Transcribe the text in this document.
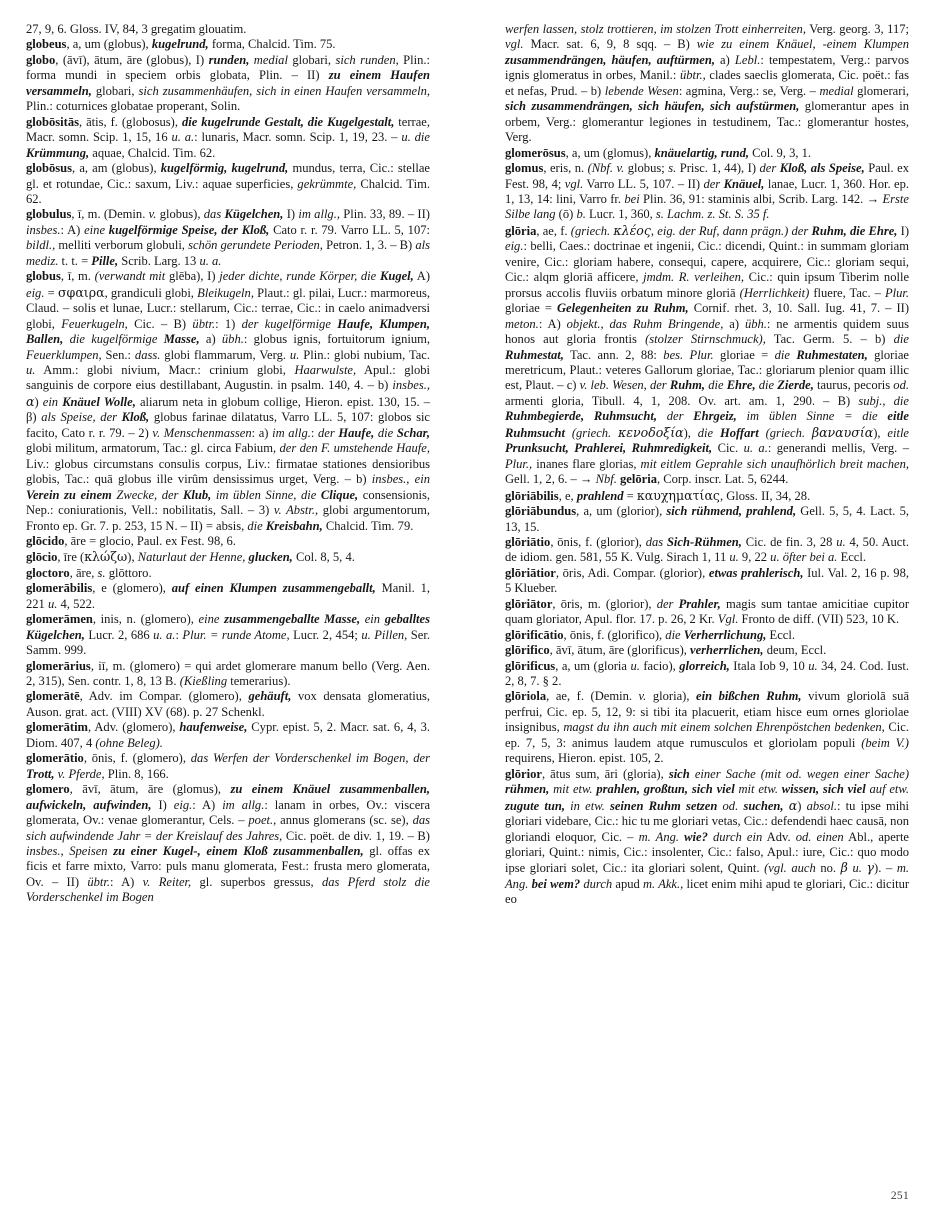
27, 9, 6. Gloss. IV, 84, 3 gregatim glouatim.

globeus, a, um (globus), kugelrund, forma, Chalcid. Tim. 75.

globo, (āvī), ātum, āre (globus), I) runden, medial globari, sich runden, Plin.: forma mundi in speciem orbis globata, Plin. – II) zu einem Haufen versammeln, globari, sich zusammenhäufen, sich in einen Haufen versammeln, Plin.: coturnices globatae properant, Solin.

globōsitās, ātis, f. (globosus), die kugelrunde Gestalt, die Kugelgestalt, terrae, Macr. somn. Scip. 1, 15, 16 u. a.: lunaris, Macr. somn. Scip. 1, 19, 23. – u. die Krümmung, aquae, Chalcid. Tim. 62.

globōsus, a, am (globus), kugelförmig, kugelrund, mundus, terra, Cic.: stellae gl. et rotundae, Cic.: saxum, Liv.: aquae superficies, gekrümmte, Chalcid. Tim. 62.

globulus, ī, m. (Demin. v. globus), das Kügelchen, I) im allg., Plin. 33, 89. – II) insbes.: A) eine kugelförmige Speise, der Kloß, Cato r. r. 79. Varro LL. 5, 107: bildl., melliti verborum globuli, schön gerundete Perioden, Petron. 1, 3. – B) als mediz. t. t. = Pille, Scrib. Larg. 13 u. a.

globus, ī, m. (verwandt mit glēba), I) jeder dichte, runde Körper, die Kugel, A) eig. = σφαιρα, grandiculi globi, Bleikugeln, Plaut.: gl. pilai, Lucr.: marmoreus, Claud. – solis et lunae, Lucr.: stellarum, Cic.: terrae, Cic.: in caelo animadversi globi, Feuerkugeln, Cic. – B) übtr.: 1) der kugelförmige Haufe, Klumpen, Ballen, die kugelförmige Masse, a) übh.: globus ignis, fortuitorum ignium, Feuerklumpen, Sen.: dass. globi flammarum, Verg. u. Plin.: globi nubium, Tac. u. Amm.: globi nivium, Macr.: crinium globi, Haarwulste, Apul.: globi sanguinis de corpore eius destillabant, Augustin. in psalm. 140, 4. – b) insbes., α) ein Knäuel Wolle, aliarum neta in globum collige, Hieron. epist. 130, 15. – β) als Speise, der Kloß, globus farinae dilatatus, Varro LL. 5, 107: globos sic facito, Cato r. r. 79. – 2) v. Menschenmassen: a) im allg.: der Haufe, die Schar, globi militum, armatorum, Tac.: gl. circa Fabium, der den F. umstehende Haufe, Liv.: globus circumstans consulis corpus, Liv.: firmatae stationes densioribus globis, Tac.: quā globus ille virûm densissimus urget, Verg. – b) insbes., ein Verein zu einem Zwecke, der Klub, im üblen Sinne, die Clique, consensionis, Nep.: coniurationis, Vell.: nobilitatis, Sall. – 3) v. Abstr., globi argumentorum, Fronto ep. Gr. 7. p. 253, 15 N. – II) = absis, die Kreisbahn, Chalcid. Tim. 79.

glōcido, āre = glocio, Paul. ex Fest. 98, 6.

glōcio, īre (κλώζω), Naturlaut der Henne, glucken, Col. 8, 5, 4.

gloctoro, āre, s. glōttoro.

glomerābilis, e (glomero), auf einen Klumpen zusammengeballt, Manil. 1, 221 u. 4, 522.

glomerāmen, inis, n. (glomero), eine zusammengeballte Masse, ein geballtes Kügelchen, Lucr. 2, 686 u. a.: Plur. = runde Atome, Lucr. 2, 454; u. Pillen, Ser. Samm. 999.

glomerārius, iī, m. (glomero) = qui ardet glomerare manum bello (Verg. Aen. 2, 315), Sen. contr. 1, 8, 13 B. (Kießling temerarius).

glomerātē, Adv. im Compar. (glomero), gehäuft, vox densata glomeratius, Auson. grat. act. (VIII) XV (68). p. 27 Schenkl.

glomerātim, Adv. (glomero), haufenweise, Cypr. epist. 5, 2. Macr. sat. 6, 4, 3. Diom. 407, 4 (ohne Beleg).

glomerātio, ōnis, f. (glomero), das Werfen der Vorderschenkel im Bogen, der Trott, v. Pferde, Plin. 8, 166.

glomero, āvī, ātum, āre (glomus), zu einem Knäuel zusammenballen, aufwickeln, aufwinden, I) eig.: A) im allg.: lanam in orbes, Ov.: viscera glomerata, Ov.: venae glomerantur, Cels. – poet., annus glomerans (sc. se), das sich aufwindende Jahr = der Kreislauf des Jahres, Cic. poët. de div. 1, 19. – B) insbes., Speisen zu einer Kugel-, einem Kloß zusammenballen, gl. offas ex ficis et farre mixto, Varro: puls manu glomerata, Fest.: frusta mero glomerata, Ov. – II) übtr.: A) v. Reiter, gl. superbos gressus, das Pferd stolz die Vorderschenkel im Bogen

werfen lassen, stolz trottieren, im stolzen Trott einherreiten, Verg. georg. 3, 117; vgl. Macr. sat. 6, 9, 8 sqq. – B) wie zu einem Knäuel, -einem Klumpen zusammendrängen, häufen, auftürmen, a) Lebl.: tempestatem, Verg.: parvos ignis glomeratus in orbes, Manil.: übtr., clades saeclis glomerata, Cic. poët.: fas et nefas, Prud. – b) lebende Wesen: agmina, Verg.: se, Verg. – medial glomerari, sich zusammendrängen, sich häufen, sich aufstürmen, glomerantur apes in orbem, Verg.: glomerantur legiones in testudinem, Tac.: glomerantur hostes, Verg.

glomerōsus, a, um (glomus), knäuelartig, rund, Col. 9, 3, 1.

glomus, eris, n. (Nbf. v. globus; s. Prisc. 1, 44), I) der Kloß, als Speise, Paul. ex Fest. 98, 4; vgl. Varro LL. 5, 107. – II) der Knäuel, lanae, Lucr. 1, 360. Hor. ep. 1, 13, 14: lini, Varro fr. bei Plin. 36, 91: staminis albi, Scrib. Larg. 142. → Erste Silbe lang (ō) b. Lucr. 1, 360, s. Lachm. z. St. S. 35 f.

glōria, ae, f. (griech. κλέος, eig. der Ruf, dann prägn.) der Ruhm, die Ehre, I) eig.: belli, Caes.: doctrinae et ingenii, Cic.: dicendi, Quint.: in summam gloriam venire, Cic.: gloriam habere, consequi, capere, acquirere, Cic.: gloriam sequi, Cic.: alqm gloriā afficere, jmdm. R. verleihen, Cic.: quin ipsum Tiberim nolle prorsus accolis fluviis orbatum minore gloriā (Herrlichkeit) fluere, Tac. – Plur. gloriae = Gelegenheiten zu Ruhm, Cornif. rhet. 3, 10. Sall. Iug. 41, 7. – II) meton.: A) objekt., das Ruhm Bringende, a) übh.: ne armentis quidem suus honos aut gloria frontis (stolzer Stirnschmuck), Tac. Germ. 5. – b) die Ruhmestat, Tac. ann. 2, 88: bes. Plur. gloriae = die Ruhmestaten, gloriae meretricum, Plaut.: veteres Gallorum gloriae, Tac.: gloriarum plenior quam illic est, Plaut. – c) v. leb. Wesen, der Ruhm, die Ehre, die Zierde, taurus, pecoris od. armenti gloria, Tibull. 4, 1, 208. Ov. art. am. 1, 290. – B) subj., die Ruhmbegierde, Ruhmsucht, der Ehrgeiz, im üblen Sinne = die eitle Ruhmsucht (griech. κενοδοξία), die Hoffart (griech. βαναυσία), eitle Prunksucht, Prahlerei, Ruhmredigkeit, Cic. u. a.: generandi mellis, Verg. – Plur., inanes flare glorias, mit eitlem Geprahle sich unaufhörlich breit machen, Gell. 1, 2, 6. – → Nbf. gelōria, Corp. inscr. Lat. 5, 6244.

glōriābilis, e, prahlend = καυχηματίας, Gloss. II, 34, 28.

glōriābundus, a, um (glorior), sich rühmend, prahlend, Gell. 5, 5, 4. Lact. 5, 13, 15.

glōriātio, ōnis, f. (glorior), das Sich-Rühmen, Cic. de fin. 3, 28 u. 4, 50. Auct. de idiom. gen. 581, 55 K. Vulg. Sirach 1, 11 u. 9, 22 u. öfter bei a. Eccl.

glōriātior, ōris, Adi. Compar. (glorior), etwas prahlerisch, Iul. Val. 2, 16 p. 98, 5 Klueber.

glōriātor, ōris, m. (glorior), der Prahler, magis sum tantae amicitiae cupitor quam gloriator, Apul. flor. 17. p. 26, 2 Kr. Vgl. Fronto de diff. (VII) 523, 10 K.

glōrificātio, ōnis, f. (glorifico), die Verherrlichung, Eccl.

glōrifico, āvī, ātum, āre (glorificus), verherrlichen, deum, Eccl.

glōrificus, a, um (gloria u. facio), glorreich, Itala Iob 9, 10 u. 34, 24. Cod. Iust. 2, 8, 7. § 2.

glōriola, ae, f. (Demin. v. gloria), ein bißchen Ruhm, vivum gloriolā suā perfrui, Cic. ep. 5, 12, 9: si tibi ita placuerit, etiam hisce eum ornes gloriolae insignibus, magst du ihn auch mit einem solchen Ehrenpöstchen bedenken, Cic. ep. 7, 5, 3: animus laudem atque rumusculos et gloriolam populi (beim V.) requirens, Hieron. epist. 105, 2.

glōrior, ātus sum, āri (gloria), sich einer Sache (mit od. wegen einer Sache) rühmen, mit etw. prahlen, großtun, sich viel mit etw. wissen, sich viel auf etw. zugute tun, in etw. seinen Ruhm setzen od. suchen, α) absol.: tu ipse mihi gloriari videbare, Cic.: hic tu me gloriari vetas, Cic.: defendendi haec causā, non gloriandi eloquor, Cic. – m. Ang. wie? durch ein Adv. od. einen Abl., aperte gloriari, Quint.: nimis, Cic.: insolenter, Cic.: falso, Apul.: iure, Cic.: quo modo ipse gloriari solet, Cic.: ita gloriari solent, Quint. (vgl. auch no. β u. γ). – m. Ang. bei wem? durch apud m. Akk., licet enim mihi apud te gloriari, Cic.: dicitur eo

251
